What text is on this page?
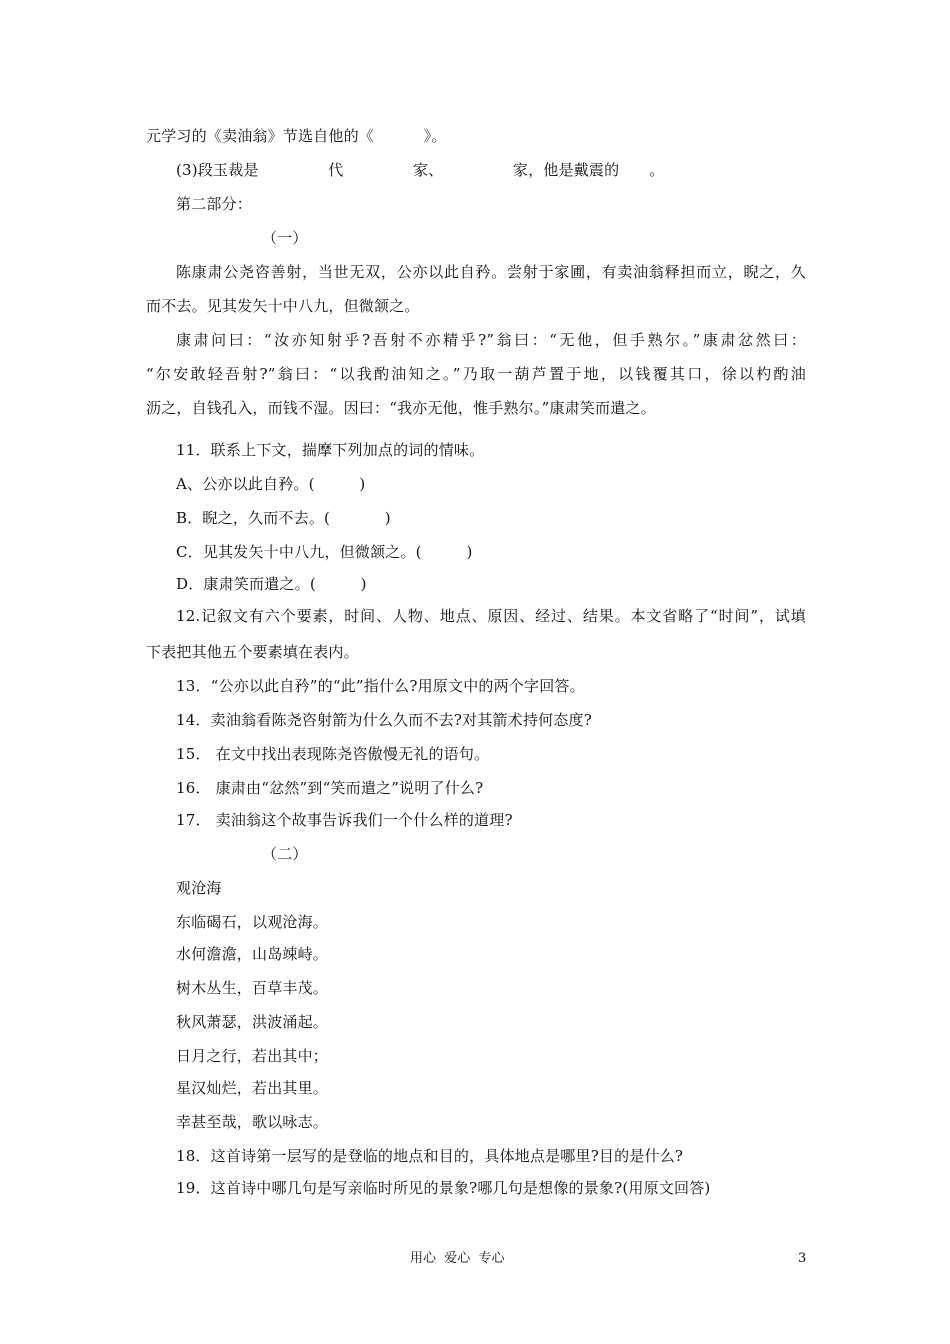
元学习的《卖油翁》节选自他的《          》。
(3)段玉裁是              代              家、              家，他是戴震的      。
第二部分：
（一）
陈康肃公尧咨善射，当世无双，公亦以此自矜。尝射于家圃，有卖油翁释担而立，睨之，久
而不去。见其发矢十中八九，但微颔之。
康肃问曰：“汝亦知射乎?吾射不亦精乎?”翁曰：“无他，但手熟尔。”康肃忿然曰：
“尔安敢轻吾射?”翁曰：“以我酌油知之。”乃取一葫芦置于地，以钱覆其口，徐以杓酌油
沥之，自钱孔入，而钱不湿。因曰：“我亦无他，惟手熟尔。”康肃笑而遣之。
11．联系上下文，揣摩下列加点的词的情味。
A、公亦以此自矜。(         )
B．睨之，久而不去。(           )
C．见其发矢十中八九，但微颔之。(         )
D．康肃笑而遣之。(         )
12.记叙文有六个要素，时间、人物、地点、原因、经过、结果。本文省略了“时间”，试填
下表把其他五个要素填在表内。
13．“公亦以此自矜”的“此”指什么?用原文中的两个字回答。
14．卖油翁看陈尧咨射箭为什么久而不去?对其箭术持何态度?
15． 在文中找出表现陈尧咨傲慢无礼的语句。
16． 康肃由“忿然”到“笑而遣之”说明了什么?
17． 卖油翁这个故事告诉我们一个什么样的道理?
（二）
观沧海
东临碣石，以观沧海。
水何澹澹，山岛竦峙。
树木丛生，百草丰茂。
秋风萧瑟，洪波涌起。
日月之行，若出其中；
星汉灿烂，若出其里。
幸甚至哉，歌以咏志。
18．这首诗第一层写的是登临的地点和目的，具体地点是哪里?目的是什么?
19．这首诗中哪几句是写亲临时所见的景象?哪几句是想像的景象?(用原文回答)
用心  爱心  专心	3
